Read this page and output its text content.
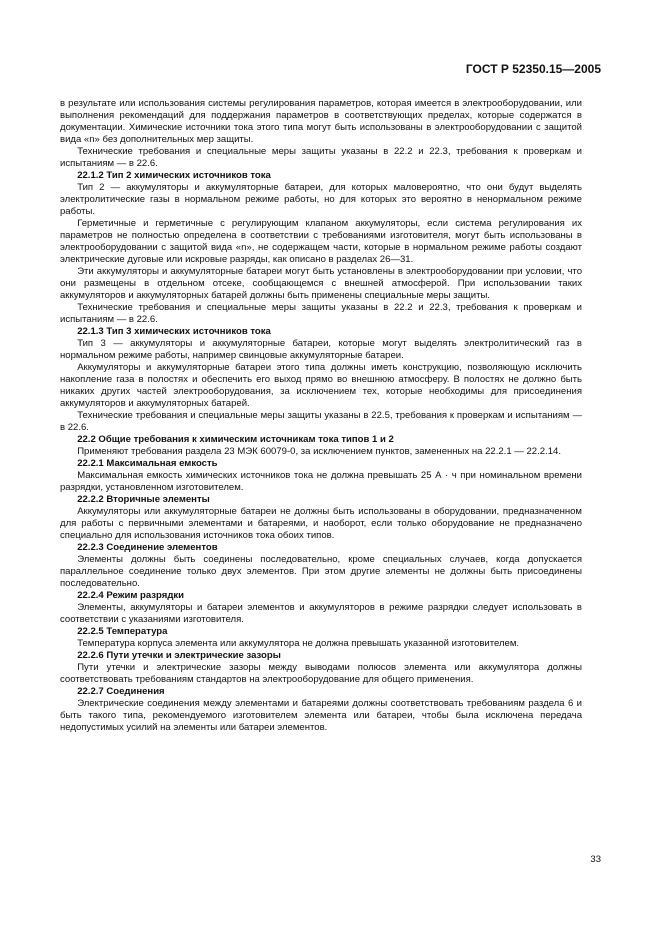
ГОСТ Р 52350.15—2005

в результате или использования системы регулирования параметров, которая имеется в электрооборудовании, или выполнения рекомендаций для поддержания параметров в соответствующих пределах, которые содержатся в документации. Химические источники тока этого типа могут быть использованы в электрооборудовании с защитой вида «n» без дополнительных мер защиты.

Технические требования и специальные меры защиты указаны в 22.2 и 22.3, требования к проверкам и испытаниям — в 22.6.

22.1.2 Тип 2 химических источников тока

Тип 2 — аккумуляторы и аккумуляторные батареи, для которых маловероятно, что они будут выделять электролитические газы в нормальном режиме работы, но для которых это вероятно в ненормальном режиме работы.

Герметичные и герметичные с регулирующим клапаном аккумуляторы, если система регулирования их параметров не полностью определена в соответствии с требованиями изготовителя, могут быть использованы в электрооборудовании с защитой вида «n», не содержащем части, которые в нормальном режиме работы создают электрические дуговые или искровые разряды, как описано в разделах 26—31.

Эти аккумуляторы и аккумуляторные батареи могут быть установлены в электрооборудовании при условии, что они размещены в отдельном отсеке, сообщающемся с внешней атмосферой. При использовании таких аккумуляторов и аккумуляторных батарей должны быть применены специальные меры защиты.

Технические требования и специальные меры защиты указаны в 22.2 и 22.3, требования к проверкам и испытаниям — в 22.6.

22.1.3 Тип 3 химических источников тока

Тип 3 — аккумуляторы и аккумуляторные батареи, которые могут выделять электролитический газ в нормальном режиме работы, например свинцовые аккумуляторные батареи.

Аккумуляторы и аккумуляторные батареи этого типа должны иметь конструкцию, позволяющую исключить накопление газа в полостях и обеспечить его выход прямо во внешнюю атмосферу. В полостях не должно быть никаких других частей электрооборудования, за исключением тех, которые необходимы для присоединения аккумуляторов и аккумуляторных батарей.

Технические требования и специальные меры защиты указаны в 22.5, требования к проверкам и испытаниям — в 22.6.

22.2 Общие требования к химическим источникам тока типов 1 и 2

Применяют требования раздела 23 МЭК 60079-0, за исключением пунктов, замененных на 22.2.1 — 22.2.14.

22.2.1 Максимальная емкость

Максимальная емкость химических источников тока не должна превышать 25 А · ч при номинальном времени разрядки, установленном изготовителем.

22.2.2 Вторичные элементы

Аккумуляторы или аккумуляторные батареи не должны быть использованы в оборудовании, предназначенном для работы с первичными элементами и батареями, и наоборот, если только оборудование не предназначено специально для использования источников тока обоих типов.

22.2.3 Соединение элементов

Элементы должны быть соединены последовательно, кроме специальных случаев, когда допускается параллельное соединение только двух элементов. При этом другие элементы не должны быть присоединены последовательно.

22.2.4 Режим разрядки

Элементы, аккумуляторы и батареи элементов и аккумуляторов в режиме разрядки следует использовать в соответствии с указаниями изготовителя.

22.2.5 Температура

Температура корпуса элемента или аккумулятора не должна превышать указанной изготовителем.

22.2.6 Пути утечки и электрические зазоры

Пути утечки и электрические зазоры между выводами полюсов элемента или аккумулятора должны соответствовать требованиям стандартов на электрооборудование для общего применения.

22.2.7 Соединения

Электрические соединения между элементами и батареями должны соответствовать требованиям раздела 6 и быть такого типа, рекомендуемого изготовителем элемента или батареи, чтобы была исключена передача недопустимых усилий на элементы или батареи элементов.

33
